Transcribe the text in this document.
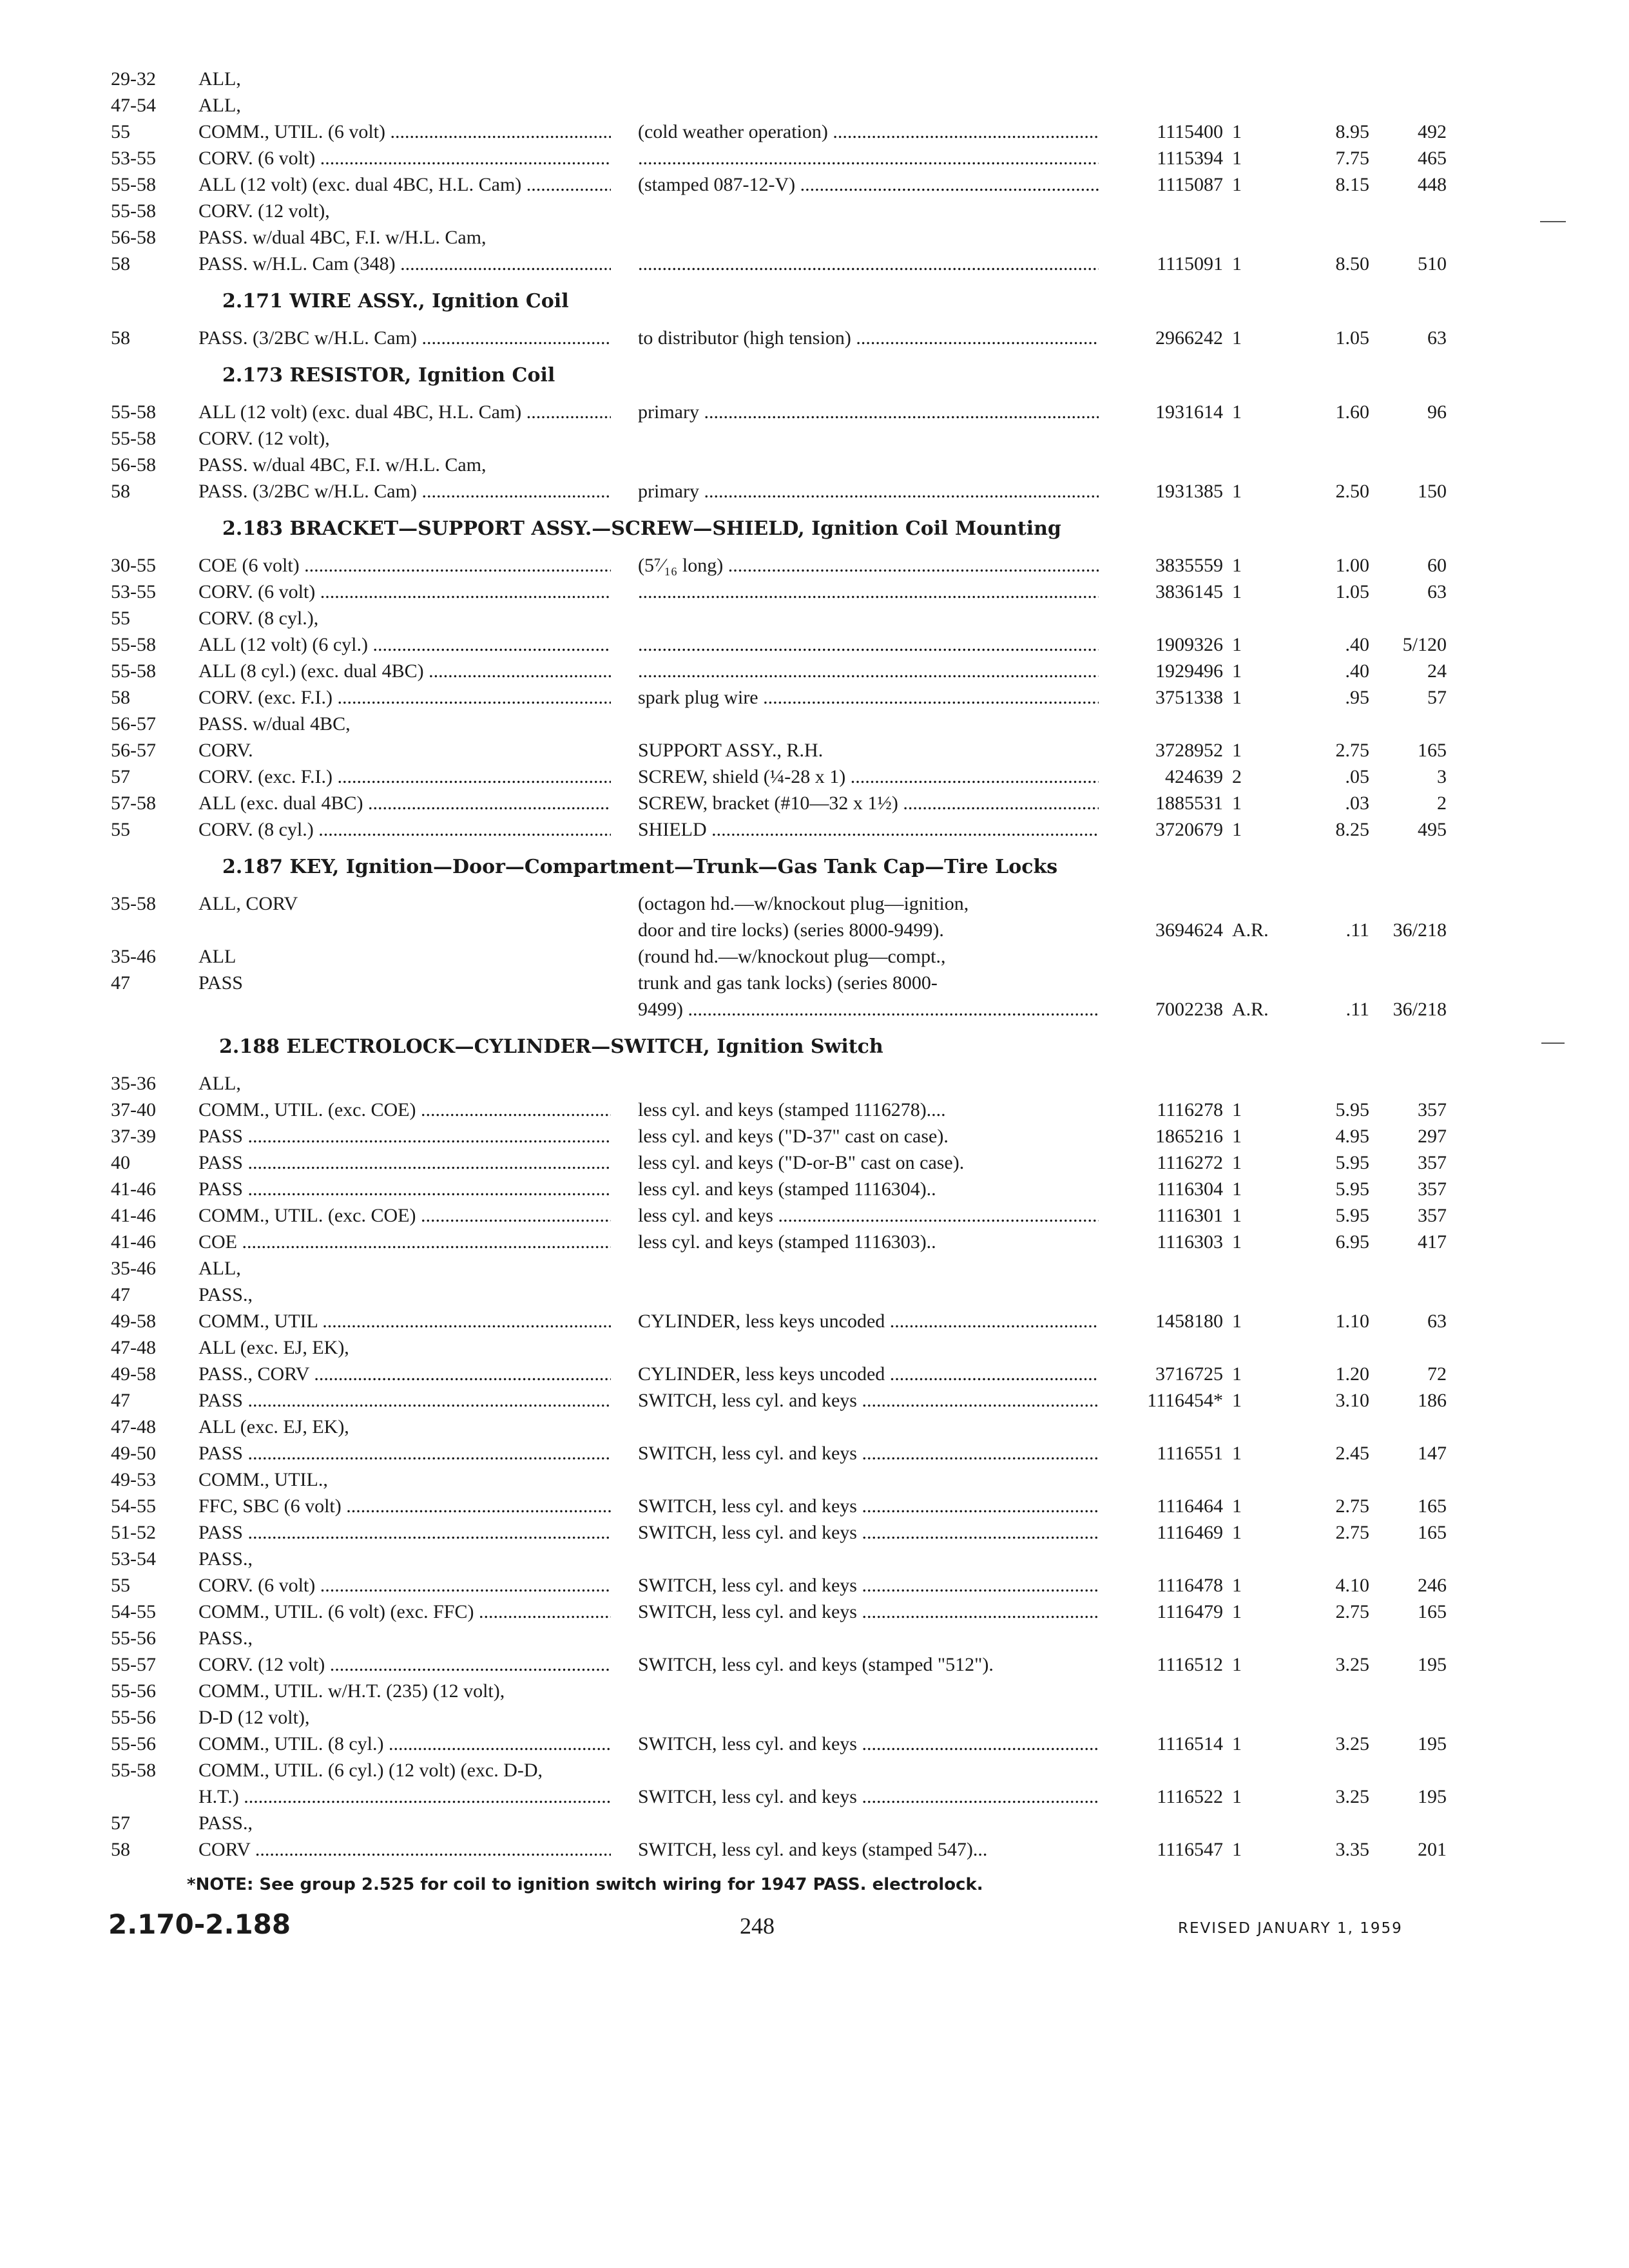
29-32	ALL,
47-54	ALL,
55	COMM., UTIL. (6 volt) .....	(cold weather operation) .....	1115400 1	8.95	492
53-55	CORV. (6 volt) ..... .....	1115394 1	7.75	465
55-58	ALL (12 volt) (exc. dual 4BC, H.L. Cam) .....	(stamped 087-12-V) .....	1115087 1	8.15	448
55-58	CORV. (12 volt),
56-58	PASS. w/dual 4BC, F.I. w/H.L. Cam,
58	PASS. w/H.L. Cam (348) ..... .....	1115091 1	8.50	510
2.171 WIRE ASSY., Ignition Coil
58	PASS. (3/2BC w/H.L. Cam) .....	to distributor (high tension) .....	2966242 1	1.05	63
2.173 RESISTOR, Ignition Coil
55-58	ALL (12 volt) (exc. dual 4BC, H.L. Cam) .....	primary .....	1931614 1	1.60	96
55-58	CORV. (12 volt),
56-58	PASS. w/dual 4BC, F.I. w/H.L. Cam,
58	PASS. (3/2BC w/H.L. Cam) .....	primary .....	1931385 1	2.50	150
2.183 BRACKET—SUPPORT ASSY.—SCREW—SHIELD, Ignition Coil Mounting
30-55	COE (6 volt) .....	(5⁷⁄₁₆ long) .....	3835559 1	1.00	60
53-55	CORV. (6 volt) ..... .....	3836145 1	1.05	63
55	CORV. (8 cyl.),
55-58	ALL (12 volt) (6 cyl.) ..... .....	1909326 1	.40	5/120
55-58	ALL (8 cyl.) (exc. dual 4BC) ..... .....	1929496 1	.40	24
58	CORV. (exc. F.I.) .....	spark plug wire .....	3751338 1	.95	57
56-57	PASS. w/dual 4BC,
56-57	CORV.	SUPPORT ASSY., R.H.	3728952 1	2.75	165
57	CORV. (exc. F.I.) .....	SCREW, shield (¼-28 x 1) .....	424639 2	.05	3
57-58	ALL (exc. dual 4BC) .....	SCREW, bracket (#10—32 x 1½) .....	1885531 1	.03	2
55	CORV. (8 cyl.) .....	SHIELD .....	3720679 1	8.25	495
2.187 KEY, Ignition—Door—Compartment—Trunk—Gas Tank Cap—Tire Locks
35-58	ALL, CORV	(octagon hd.—w/knockout plug—ignition,
door and tire locks) (series 8000-9499).	3694624 A.R.	.11	36/218
35-46	ALL	(round hd.—w/knockout plug—compt.,
47	PASS	trunk and gas tank locks) (series 8000-
9499) .....	7002238 A.R.	.11	36/218
2.188 ELECTROLOCK—CYLINDER—SWITCH, Ignition Switch
35-36	ALL,
37-40	COMM., UTIL. (exc. COE) .....	less cyl. and keys (stamped 1116278)....	1116278 1	5.95	357
37-39	PASS .....	less cyl. and keys ("D-37" cast on case).	1865216 1	4.95	297
40	PASS .....	less cyl. and keys ("D-or-B" cast on case).	1116272 1	5.95	357
41-46	PASS .....	less cyl. and keys (stamped 1116304)..	1116304 1	5.95	357
41-46	COMM., UTIL. (exc. COE) .....	less cyl. and keys .....	1116301 1	5.95	357
41-46	COE .....	less cyl. and keys (stamped 1116303)..	1116303 1	6.95	417
35-46	ALL,
47	PASS.,
49-58	COMM., UTIL .....	CYLINDER, less keys uncoded .....	1458180 1	1.10	63
47-48	ALL (exc. EJ, EK),
49-58	PASS., CORV .....	CYLINDER, less keys uncoded .....	3716725 1	1.20	72
47	PASS .....	SWITCH, less cyl. and keys .....	1116454* 1	3.10	186
47-48	ALL (exc. EJ, EK),
49-50	PASS .....	SWITCH, less cyl. and keys .....	1116551 1	2.45	147
49-53	COMM., UTIL.,
54-55	FFC, SBC (6 volt) .....	SWITCH, less cyl. and keys .....	1116464 1	2.75	165
51-52	PASS .....	SWITCH, less cyl. and keys .....	1116469 1	2.75	165
53-54	PASS.,
55	CORV. (6 volt) .....	SWITCH, less cyl. and keys .....	1116478 1	4.10	246
54-55	COMM., UTIL. (6 volt) (exc. FFC) .....	SWITCH, less cyl. and keys .....	1116479 1	2.75	165
55-56	PASS.,
55-57	CORV. (12 volt) .....	SWITCH, less cyl. and keys (stamped "512").	1116512 1	3.25	195
55-56	COMM., UTIL. w/H.T. (235) (12 volt),
55-56	D-D (12 volt),
55-56	COMM., UTIL. (8 cyl.) .....	SWITCH, less cyl. and keys .....	1116514 1	3.25	195
55-58	COMM., UTIL. (6 cyl.) (12 volt) (exc. D-D,
H.T.) .....	SWITCH, less cyl. and keys .....	1116522 1	3.25	195
57	PASS.,
58	CORV .....	SWITCH, less cyl. and keys (stamped 547)...	1116547 1	3.35	201
*NOTE: See group 2.525 for coil to ignition switch wiring for 1947 PASS. electrolock.
2.170-2.188	248	REVISED JANUARY 1, 1959
